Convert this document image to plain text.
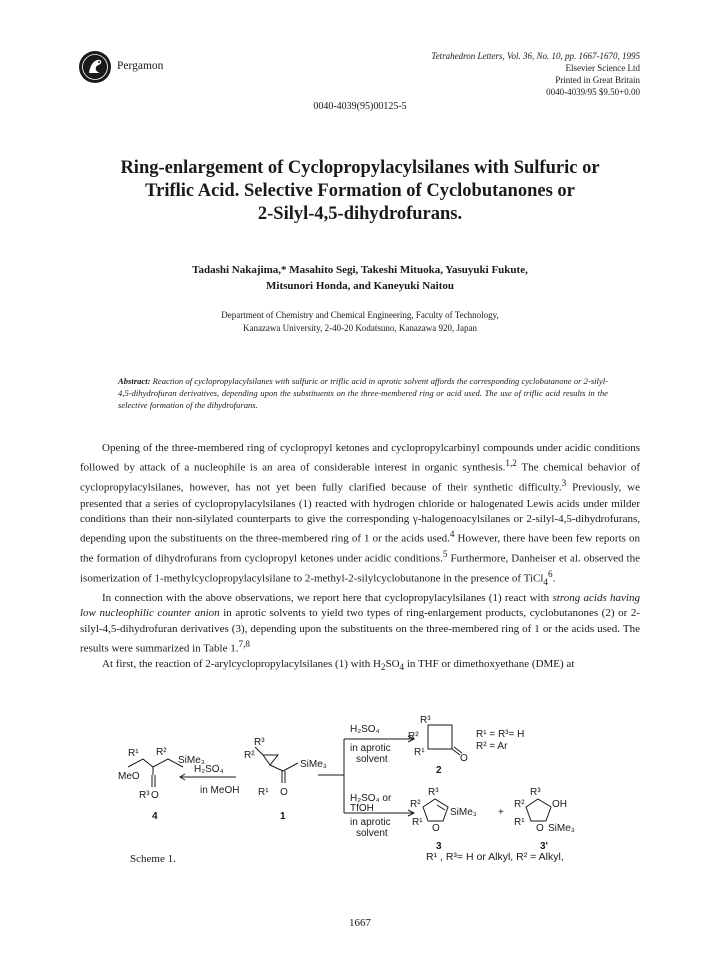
Pergamon
Tetrahedron Letters, Vol. 36, No. 10, pp. 1667-1670, 1995
Elsevier Science Ltd
Printed in Great Britain
0040-4039/95 $9.50+0.00
0040-4039(95)00125-5
Ring-enlargement of Cyclopropylacylsilanes with Sulfuric or
Triflic Acid. Selective Formation of Cyclobutanones or
2-Silyl-4,5-dihydrofurans.
Tadashi Nakajima,* Masahito Segi, Takeshi Mituoka, Yasuyuki Fukute,
Mitsunori Honda, and Kaneyuki Naitou
Department of Chemistry and Chemical Engineering, Faculty of Technology,
Kanazawa University, 2-40-20 Kodatsuno, Kanazawa 920, Japan
Abstract: Reaction of cyclopropylacylsilanes with sulfuric or triflic acid in aprotic solvent affords the corresponding cyclobutanone or 2-silyl-4,5-dihydrofuran derivatives, depending upon the substituents on the three-membered ring or acid used. The use of triflic acid results in the selective formation of the dihydrofurans.

Opening of the three-membered ring of cyclopropyl ketones and cyclopropylcarbinyl compounds under acidic conditions followed by attack of a nucleophile is an area of considerable interest in organic synthesis.$^{1,2}$ The chemical behavior of cyclopropylacylsilanes, however, has not yet been fully clarified because of their synthetic difficulty.$^3$ Previously, we presented that a series of cyclopropylacylsilanes (1) reacted with hydrogen chloride or halogenated Lewis acids under milder conditions than their non-silylated counterparts to give the corresponding γ-halogenoacylsilanes or 2-silyl-4,5-dihydrofurans, depending upon the substituents on the three-membered ring of 1 or the acids used.$^4$ However, there have been few reports on the formation of dihydrofurans from cyclopropyl ketones under acidic conditions.$^5$ Furthermore, Danheiser et al. observed the isomerization of 1-methylcyclopropylacylsilane to 2-methyl-2-silylcyclobutanone in the presence of TiCl$_4^6$.

In connection with the above observations, we report here that cyclopropylacylsilanes (1) react with strong acids having low nucleophilic counter anion in aprotic solvents to yield two types of ring-enlargement products, cyclobutanones (2) or 2-silyl-4,5-dihydrofuran derivatives (3), depending upon the substituents on the three-membered ring of 1 or the acids used. The results were summarized in Table 1.$^{7,8}$

At first, the reaction of 2-arylcyclopropylacylsilanes (1) with $H_2SO_4$ in THF or dimethoxyethane (DME) at

R¹ R²
SiMe₃
MeO
R³ O
4
H₂SO₄
in MeOH
R²
R³
SiMe₃
R¹ O
1
H₂SO₄
in aprotic
solvent
R³
R²
R¹
O
2
R¹ = R³= H
R² = Ar
H₂SO₄ or
TfOH
in aprotic
solvent
R³
R²
R¹
O
SiMe₃
3
+
R³
R²	OH
R¹
O SiMe₃
3'
Scheme 1.	R¹ , R³= H or Alkyl, R² = Alkyl,
1667
